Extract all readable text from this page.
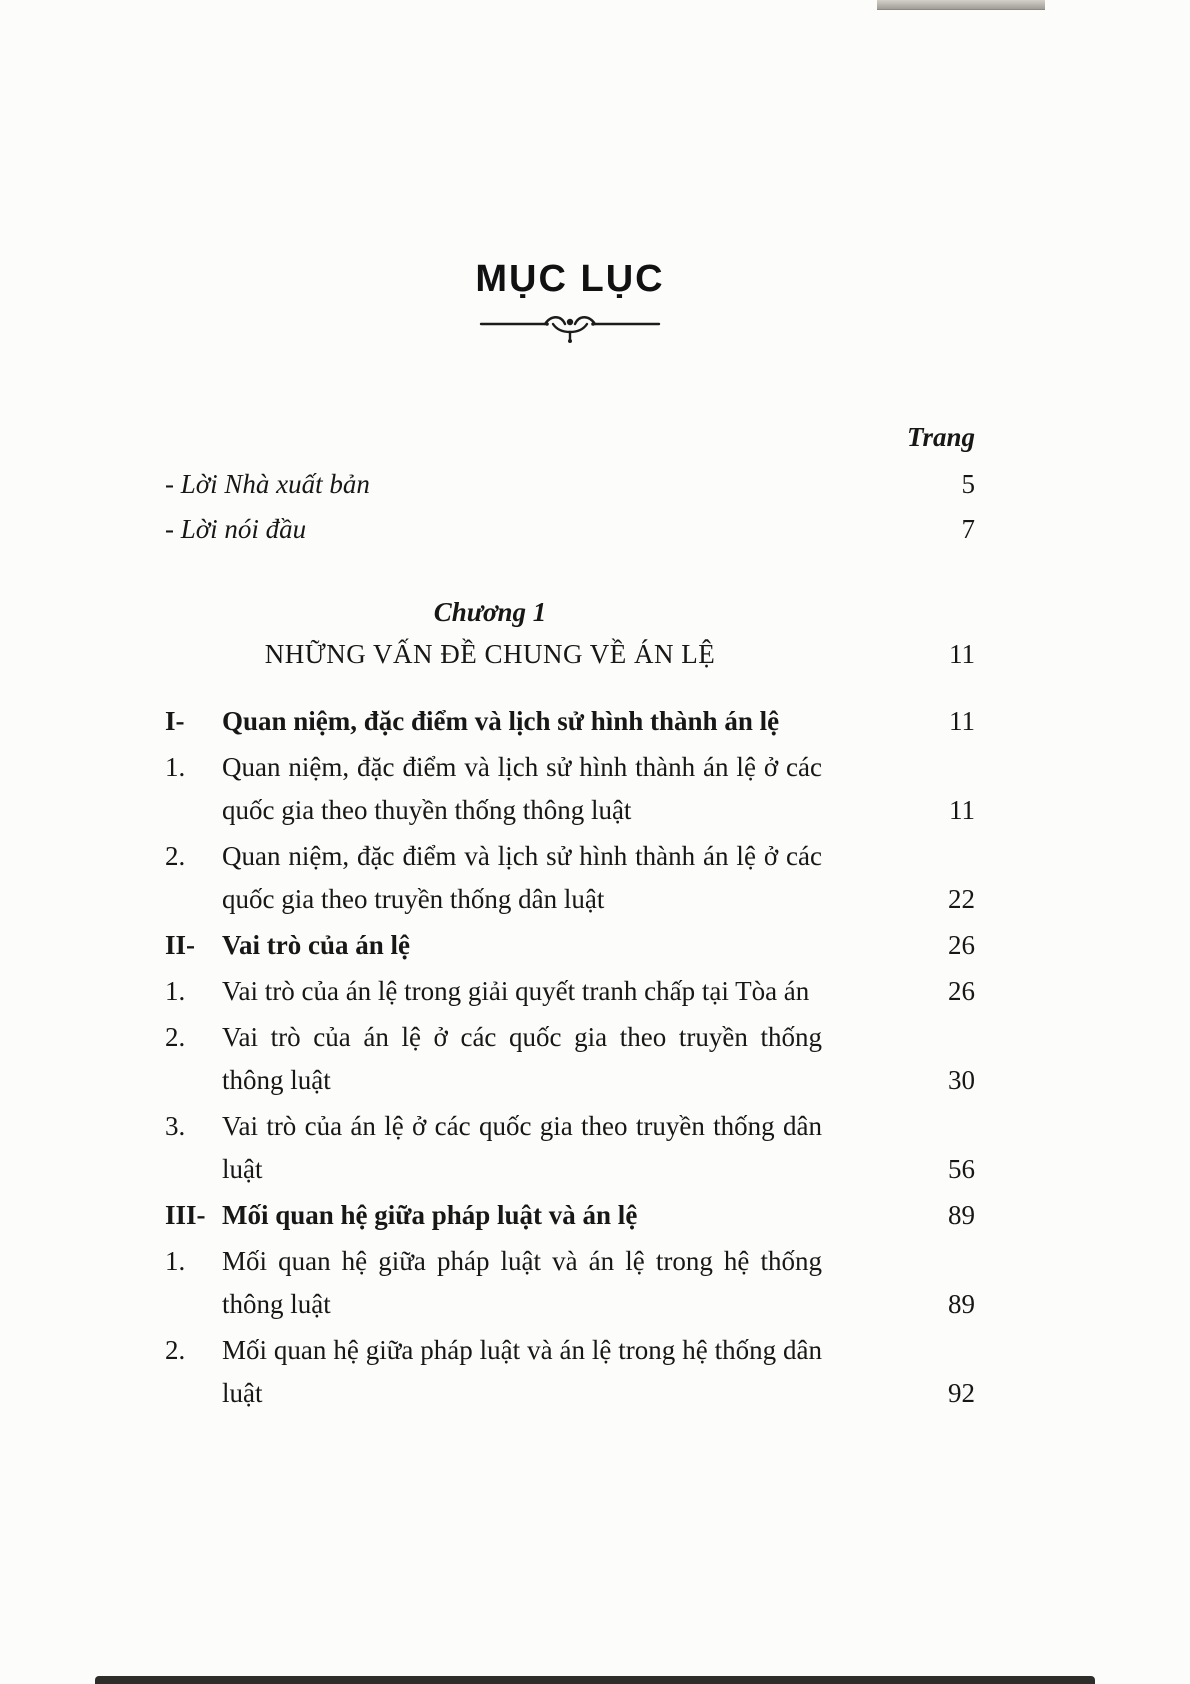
MỤC LỤC
Trang
- Lời Nhà xuất bản	5
- Lời nói đầu	7
Chương 1
NHỮNG VẤN ĐỀ CHUNG VỀ ÁN LỆ	11
I-	Quan niệm, đặc điểm và lịch sử hình thành án lệ	11
1.	Quan niệm, đặc điểm và lịch sử hình thành án lệ ở các quốc gia theo thuyền thống thông luật	11
2.	Quan niệm, đặc điểm và lịch sử hình thành án lệ ở các quốc gia theo truyền thống dân luật	22
II- Vai trò của án lệ	26
1.	Vai trò của án lệ trong giải quyết tranh chấp tại Tòa án	26
2.	Vai trò của án lệ ở các quốc gia theo truyền thống thông luật	30
3.	Vai trò của án lệ ở các quốc gia theo truyền thống dân luật	56
III- Mối quan hệ giữa pháp luật và án lệ	89
1.	Mối quan hệ giữa pháp luật và án lệ trong hệ thống thông luật	89
2.	Mối quan hệ giữa pháp luật và án lệ trong hệ thống dân luật	92
